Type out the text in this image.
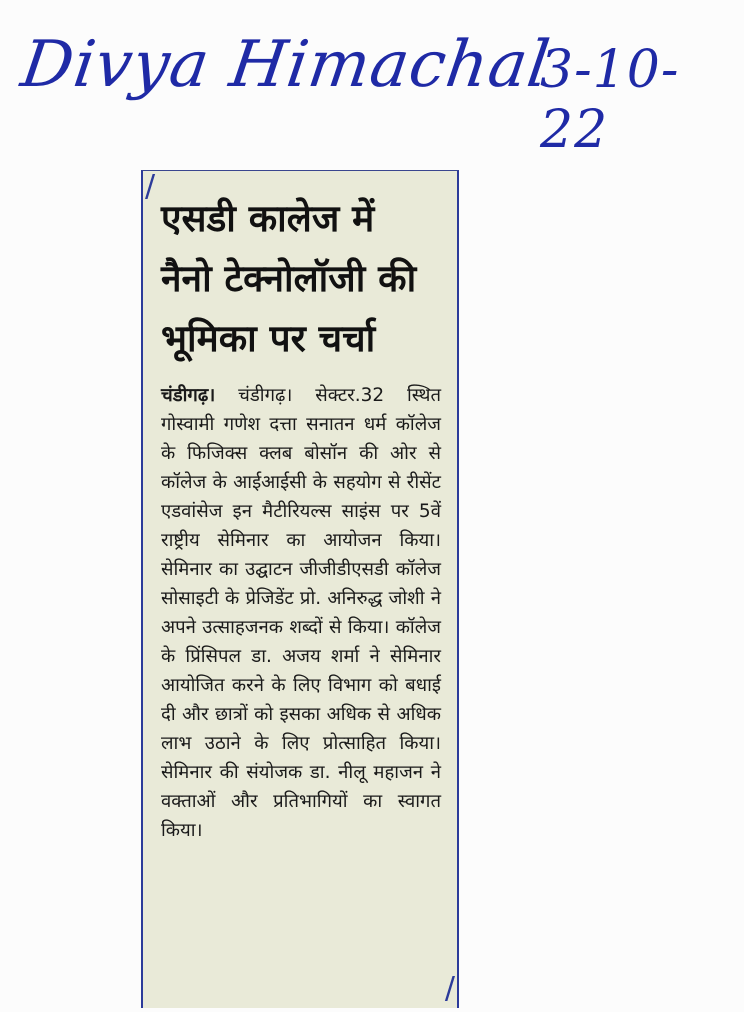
Divya Himachal
3-10-22
/
एसडी कालेज में
नैनो टेक्नोलॉजी की
भूमिका पर चर्चा

चंडीगढ़। चंडीगढ़। सेक्टर.32 स्थित गोस्वामी गणेश दत्ता सनातन धर्म कॉलेज के फिजिक्स क्लब बोसॉन की ओर से कॉलेज के आईआईसी के सहयोग से रीसेंट एडवांसेज इन मैटीरियल्स साइंस पर 5वें राष्ट्रीय सेमिनार का आयोजन किया। सेमिनार का उद्घाटन जीजीडीएसडी कॉलेज सोसाइटी के प्रेजिडेंट प्रो. अनिरुद्ध जोशी ने अपने उत्साहजनक शब्दों से किया। कॉलेज के प्रिंसिपल डा. अजय शर्मा ने सेमिनार आयोजित करने के लिए विभाग को बधाई दी और छात्रों को इसका अधिक से अधिक लाभ उठाने के लिए प्रोत्साहित किया। सेमिनार की संयोजक डा. नीलू महाजन ने वक्ताओं और प्रतिभागियों का स्वागत किया।

/
